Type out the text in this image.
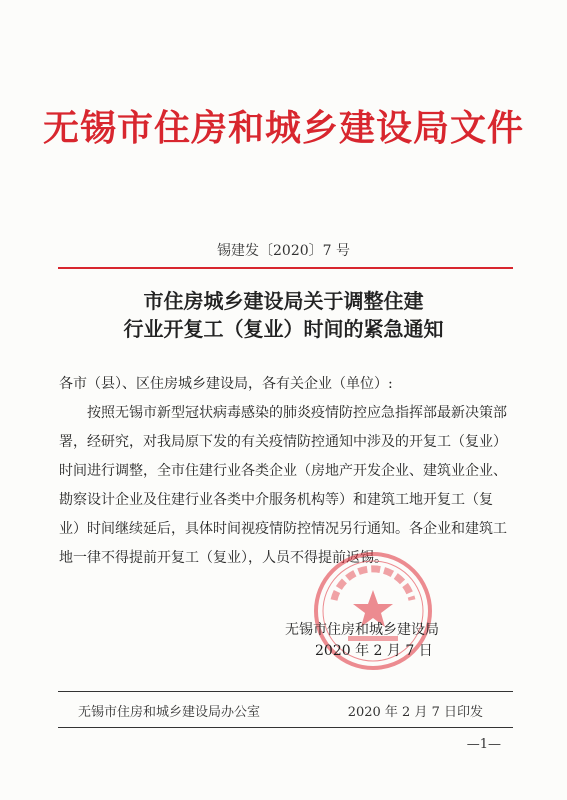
无锡市住房和城乡建设局文件
锡建发〔2020〕7 号
市住房城乡建设局关于调整住建
行业开复工（复业）时间的紧急通知

各市（县）、区住房城乡建设局，各有关企业（单位）:

按照无锡市新型冠状病毒感染的肺炎疫情防控应急指挥部最新决策部署，经研究，对我局原下发的有关疫情防控通知中涉及的开复工（复业）时间进行调整，全市住建行业各类企业（房地产开发企业、建筑业企业、勘察设计企业及住建行业各类中介服务机构等）和建筑工地开复工（复业）时间继续延后，具体时间视疫情防控情况另行通知。各企业和建筑工地一律不得提前开复工（复业），人员不得提前返锡。

无锡市住房和城乡建设局
2020 年 2 月 7 日
无锡市住房和城乡建设局办公室	2020 年 2 月 7 日印发
—1—
